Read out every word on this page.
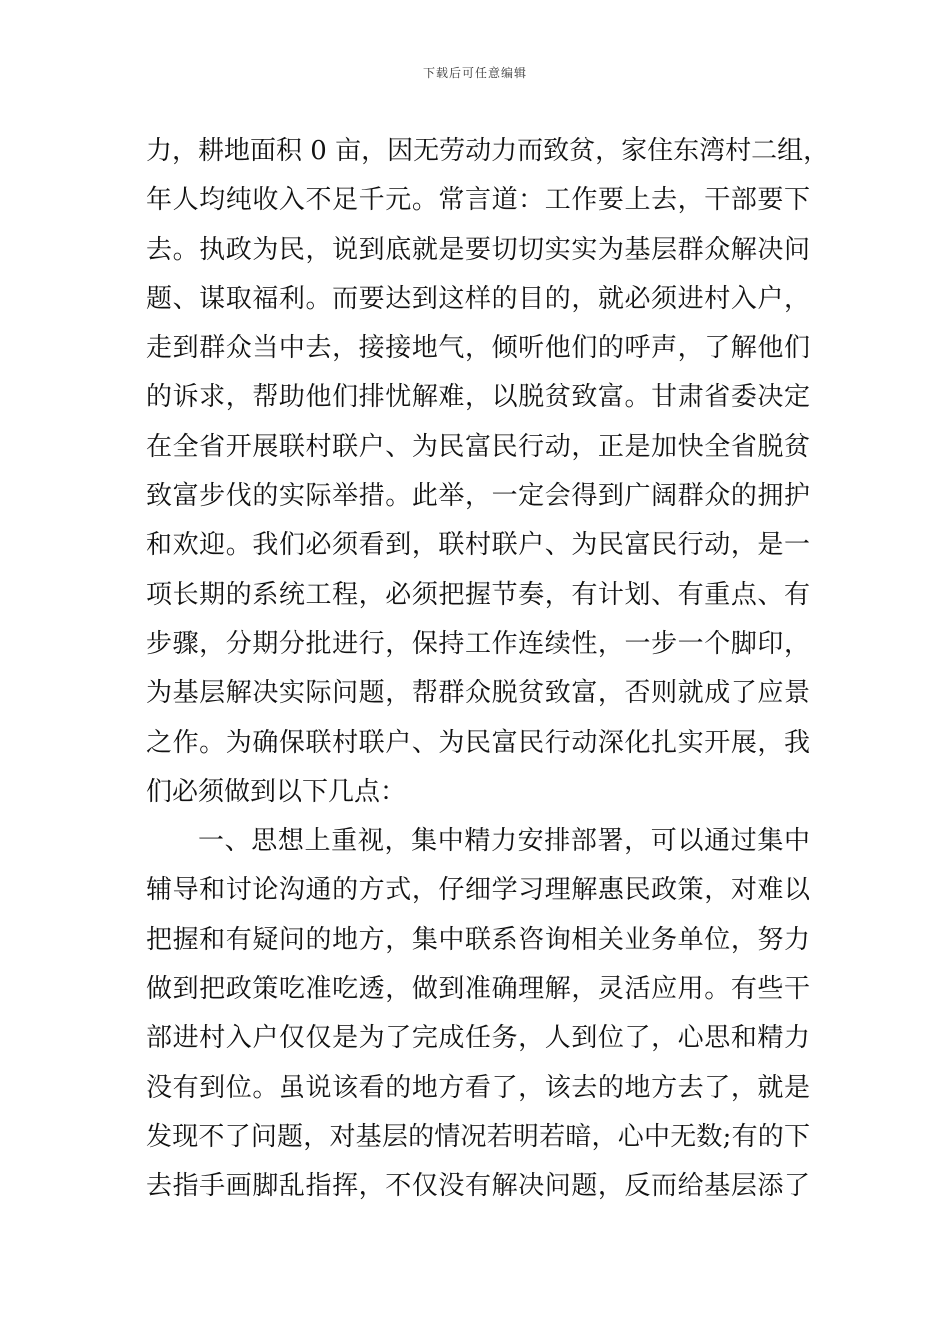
下载后可任意编辑
力，耕地面积 0 亩，因无劳动力而致贫，家住东湾村二组，
年人均纯收入不足千元。常言道：工作要上去，干部要下
去。执政为民，说到底就是要切切实实为基层群众解决问
题、谋取福利。而要达到这样的目的，就必须进村入户，
走到群众当中去，接接地气，倾听他们的呼声，了解他们
的诉求，帮助他们排忧解难，以脱贫致富。甘肃省委决定
在全省开展联村联户、为民富民行动，正是加快全省脱贫
致富步伐的实际举措。此举，一定会得到广阔群众的拥护
和欢迎。我们必须看到，联村联户、为民富民行动，是一
项长期的系统工程，必须把握节奏，有计划、有重点、有
步骤，分期分批进行，保持工作连续性，一步一个脚印，
为基层解决实际问题，帮群众脱贫致富，否则就成了应景
之作。为确保联村联户、为民富民行动深化扎实开展，我
们必须做到以下几点：
一、思想上重视，集中精力安排部署，可以通过集中
辅导和讨论沟通的方式，仔细学习理解惠民政策，对难以
把握和有疑问的地方，集中联系咨询相关业务单位，努力
做到把政策吃准吃透，做到准确理解，灵活应用。有些干
部进村入户仅仅是为了完成任务，人到位了，心思和精力
没有到位。虽说该看的地方看了，该去的地方去了，就是
发现不了问题，对基层的情况若明若暗，心中无数;有的下
去指手画脚乱指挥，不仅没有解决问题，反而给基层添了
